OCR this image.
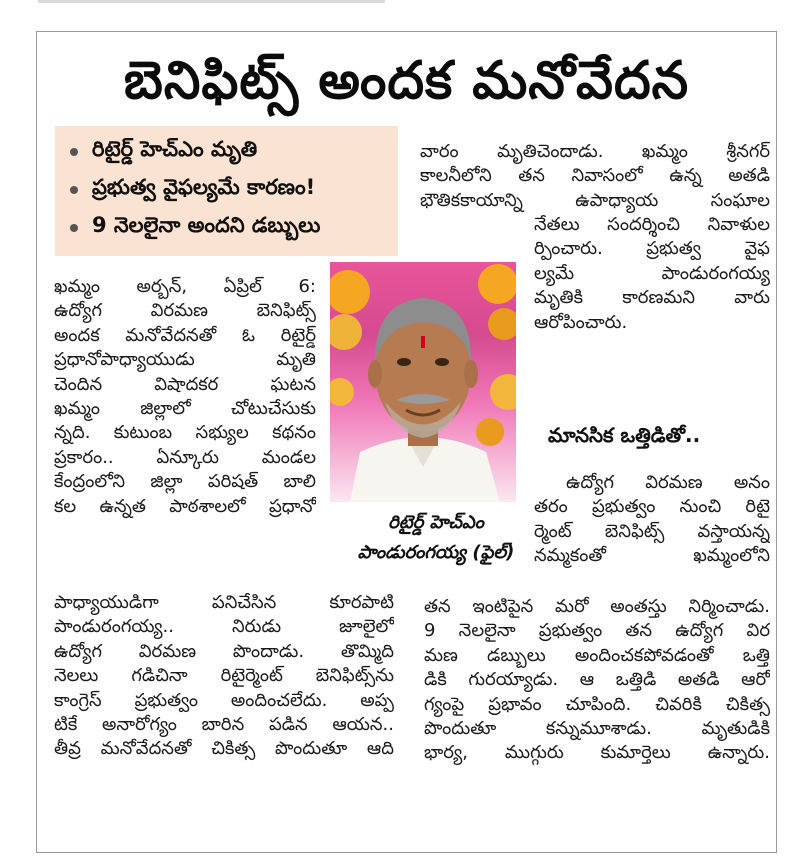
బెనిఫిట్స్ అందక మనోవేదన
రిటైర్డ్ హెచ్ఎం మృతి
ప్రభుత్వ వైఫల్యమే కారణం!
9 నెలలైనా అందని డబ్బులు
ఖమ్మం అర్బన్, ఏప్రిల్ 6:
ఉద్యోగ విరమణ బెనిఫిట్స్
అందక మనోవేదనతో ఓ రిటైర్డ్
ప్రధానోపాధ్యాయుడు మృతి
చెందిన విషాదకర ఘటన
ఖమ్మం జిల్లాలో చోటుచేసుకు
న్నది. కుటుంబ సభ్యుల కథనం
ప్రకారం.. ఏన్కూరు మండల
కేంద్రంలోని జిల్లా పరిషత్ బాలి
కల ఉన్నత పాఠశాలలో ప్రధానో
పాధ్యాయుడిగా పనిచేసిన కూరపాటి
పాండురంగయ్య.. నిరుడు జూలైలో
ఉద్యోగ విరమణ పొందాడు. తొమ్మిది
నెలలు గడిచినా రిటైర్మెంట్ బెనిఫిట్స్‌ను
కాంగ్రెస్ ప్రభుత్వం అందించలేదు. అప్ప
టికే అనారోగ్యం బారిన పడిన ఆయన..
తీవ్ర మనోవేదనతో చికిత్స పొందుతూ ఆది
రిటైర్డ్ హెచ్ఎం
పాండురంగయ్య (ఫైల్)
వారం మృతిచెందాడు. ఖమ్మం శ్రీనగర్
కాలనీలోని తన నివాసంలో ఉన్న అతడి
భౌతికకాయాన్ని ఉపాధ్యాయ సంఘాల
నేతలు సందర్శించి నివాళుల
ర్పించారు. ప్రభుత్వ వైఫ
ల్యమే పాండురంగయ్య
మృతికి కారణమని వారు
ఆరోపించారు.
మానసిక ఒత్తిడితో..
ఉద్యోగ విరమణ అనం
తరం ప్రభుత్వం నుంచి రిటై
ర్మెంట్ బెనిఫిట్స్ వస్తాయన్న
నమ్మకంతో ఖమ్మంలోని
తన ఇంటిపైన మరో అంతస్తు నిర్మించాడు.
9 నెలలైనా ప్రభుత్వం తన ఉద్యోగ విర
మణ డబ్బులు అందించకపోవడంతో ఒత్తి
డికి గురయ్యాడు. ఆ ఒత్తిడి అతడి ఆరో
గ్యంపై ప్రభావం చూపింది. చివరికి చికిత్స
పొందుతూ కన్నుమూశాడు. మృతుడికి
భార్య, ముగ్గురు కుమార్తెలు ఉన్నారు.
